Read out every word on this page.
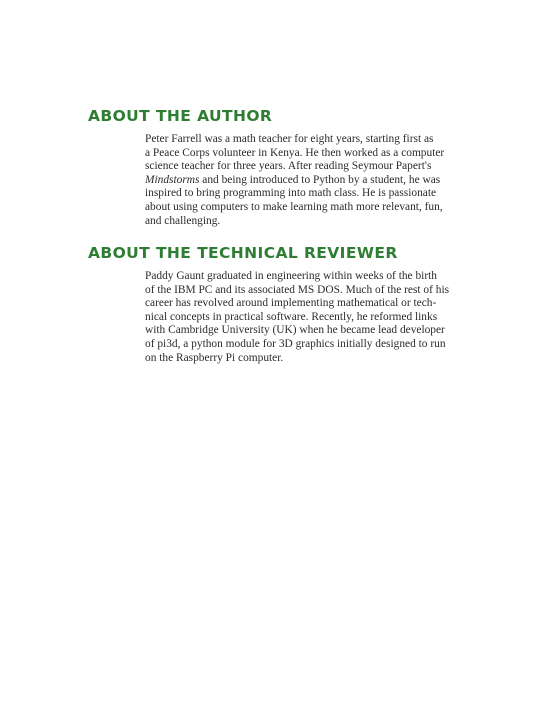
ABOUT THE AUTHOR

Peter Farrell was a math teacher for eight years, starting first as
a Peace Corps volunteer in Kenya. He then worked as a computer
science teacher for three years. After reading Seymour Papert's
Mindstorms and being introduced to Python by a student, he was
inspired to bring programming into math class. He is passionate
about using computers to make learning math more relevant, fun,
and challenging.

ABOUT THE TECHNICAL REVIEWER

Paddy Gaunt graduated in engineering within weeks of the birth
of the IBM PC and its associated MS DOS. Much of the rest of his
career has revolved around implementing mathematical or tech-
nical concepts in practical software. Recently, he reformed links
with Cambridge University (UK) when he became lead developer
of pi3d, a python module for 3D graphics initially designed to run
on the Raspberry Pi computer.
